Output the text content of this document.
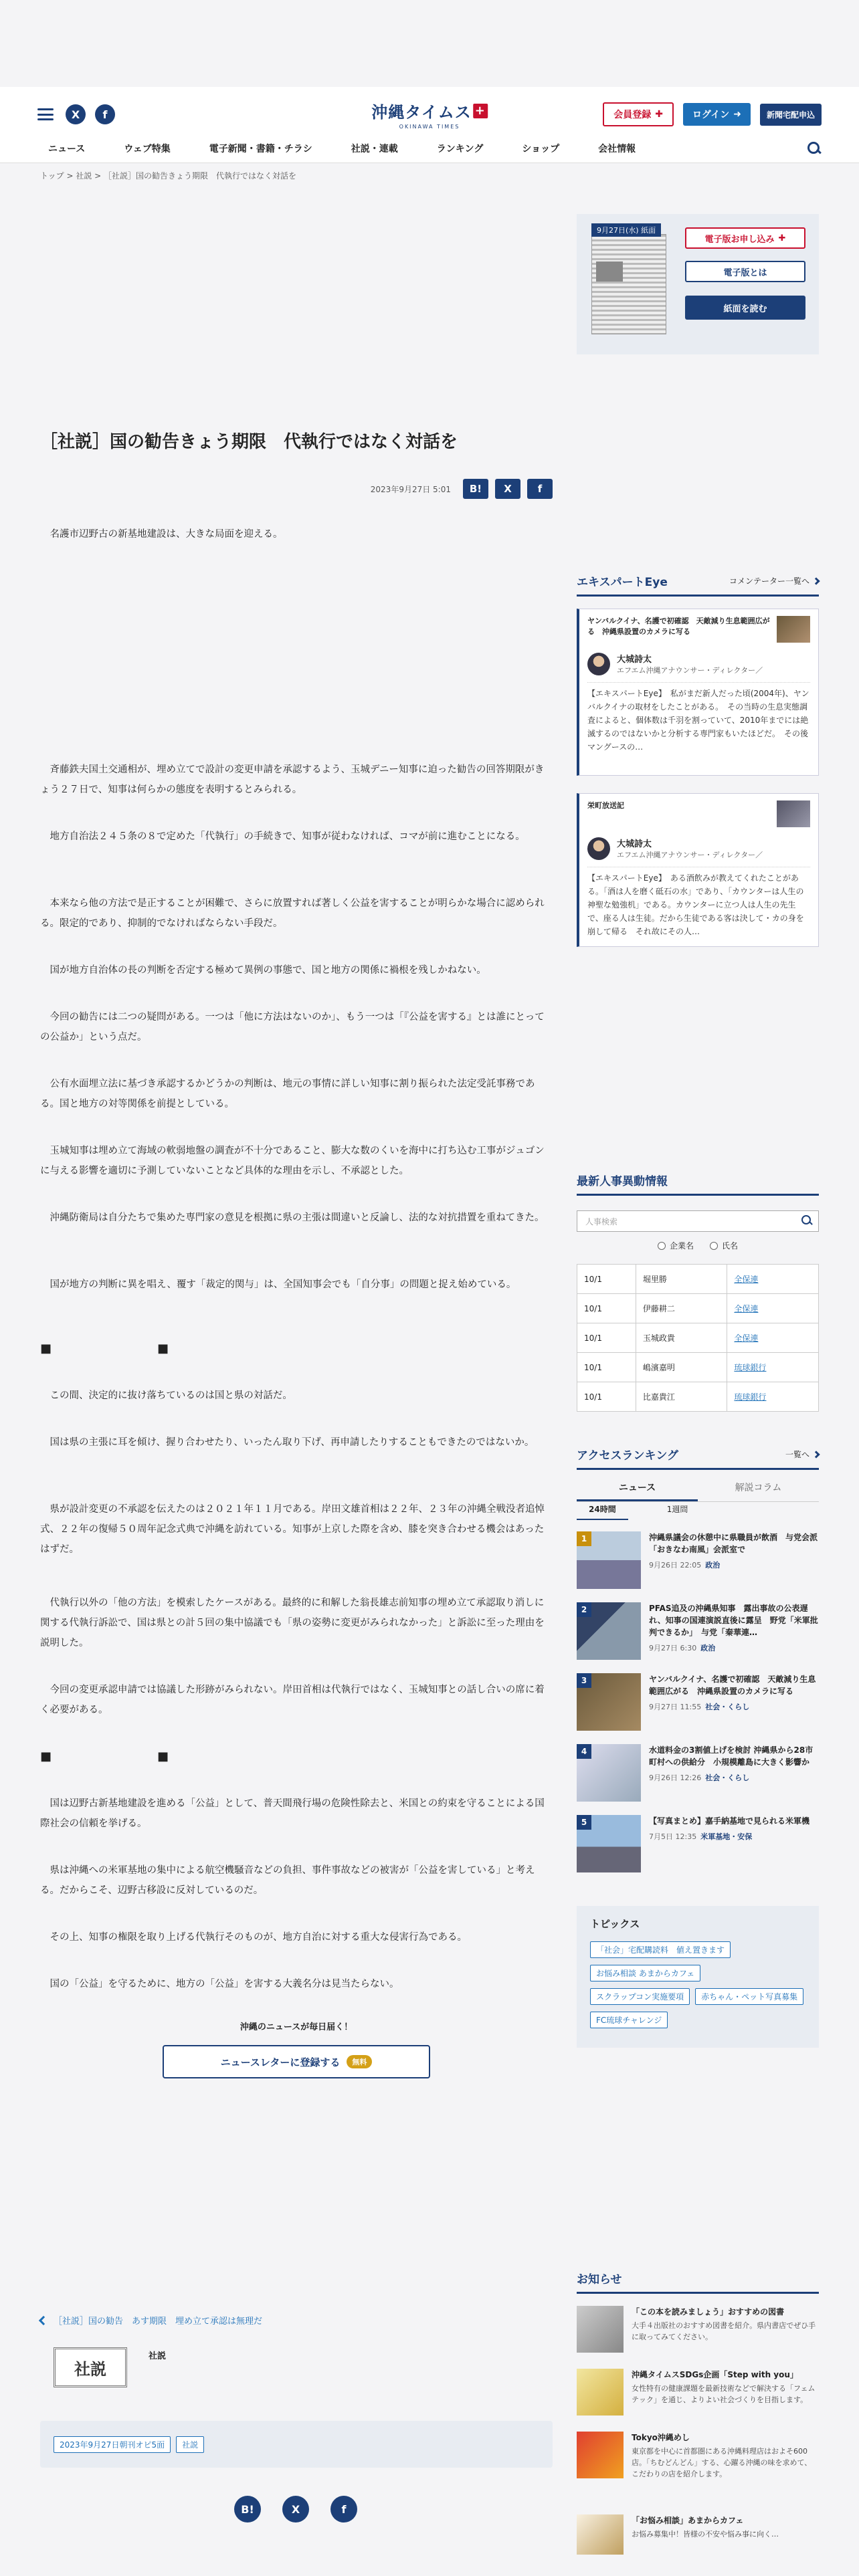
X	f	沖縄タイムス +
OKINAWA TIMES
会員登録 ✚	ログイン ➜	新聞宅配申込
ニュース	ウェブ特集	電子新聞・書籍・チラシ	社説・連載	ランキング	ショップ	会社情報
トップ > 社説 > ［社説］国の勧告きょう期限　代執行ではなく対話を
［社説］国の勧告きょう期限　代執行ではなく対話を
2023年9月27日 5:01	B!	X	f

　名護市辺野古の新基地建設は、大きな局面を迎える。

　斉藤鉄夫国土交通相が、埋め立てで設計の変更申請を承認するよう、玉城デニー知事に迫った勧告の回答期限がきょう２７日で、知事は何らかの態度を表明するとみられる。

　地方自治法２４５条の８で定めた「代執行」の手続きで、知事が従わなければ、コマが前に進むことになる。

　本来なら他の方法で是正することが困難で、さらに放置すれば著しく公益を害することが明らかな場合に認められる。限定的であり、抑制的でなければならない手段だ。

　国が地方自治体の長の判断を否定する極めて異例の事態で、国と地方の関係に禍根を残しかねない。

　今回の勧告には二つの疑問がある。一つは「他に方法はないのか」、もう一つは「『公益を害する』とは誰にとっての公益か」という点だ。

　公有水面埋立法に基づき承認するかどうかの判断は、地元の事情に詳しい知事に割り振られた法定受託事務である。国と地方の対等関係を前提としている。

　玉城知事は埋め立て海域の軟弱地盤の調査が不十分であること、膨大な数のくいを海中に打ち込む工事がジュゴンに与える影響を適切に予測していないことなど具体的な理由を示し、不承認とした。

　沖縄防衛局は自分たちで集めた専門家の意見を根拠に県の主張は間違いと反論し、法的な対抗措置を重ねてきた。

　国が地方の判断に異を唱え、覆す「裁定的関与」は、全国知事会でも「自分事」の問題と捉え始めている。

■　■

　この間、決定的に抜け落ちているのは国と県の対話だ。

　国は県の主張に耳を傾け、握り合わせたり、いったん取り下げ、再申請したりすることもできたのではないか。

　県が設計変更の不承認を伝えたのは２０２１年１１月である。岸田文雄首相は２２年、２３年の沖縄全戦没者追悼式、２２年の復帰５０周年記念式典で沖縄を訪れている。知事が上京した際を含め、膝を突き合わせる機会はあったはずだ。

　代執行以外の「他の方法」を模索したケースがある。最終的に和解した翁長雄志前知事の埋め立て承認取り消しに関する代執行訴訟で、国は県との計５回の集中協議でも「県の姿勢に変更がみられなかった」と訴訟に至った理由を説明した。

　今回の変更承認申請では協議した形跡がみられない。岸田首相は代執行ではなく、玉城知事との話し合いの席に着く必要がある。

■　■

　国は辺野古新基地建設を進める「公益」として、普天間飛行場の危険性除去と、米国との約束を守ることによる国際社会の信頼を挙げる。

　県は沖縄への米軍基地の集中による航空機騒音などの負担、事件事故などの被害が「公益を害している」と考える。だからこそ、辺野古移設に反対しているのだ。

　その上、知事の権限を取り上げる代執行そのものが、地方自治に対する重大な侵害行為である。

　国の「公益」を守るために、地方の「公益」を害する大義名分は見当たらない。

沖縄のニュースが毎日届く！
ニュースレターに登録する	無料
［社説］国の勧告　あす期限　埋め立て承認は無理だ
社説
社説
2023年9月27日朝刊オピ5面	社説
B!	X	f
9月27日(水) 紙面
電子版お申し込み ✚
電子版とは
紙面を読む
エキスパートEye	コメンテーター一覧へ
ヤンバルクイナ、名護で初確認　天敵減り生息範囲広がる　沖縄県設置のカメラに写る
大城詩太
エフエム沖縄アナウンサー・ディレクター／
【エキスパートEye】　私がまだ新人だった頃(2004年)、ヤンバルクイナの取材をしたことがある。　その当時の生息実態調査によると、個体数は千羽を割っていて、2010年までには絶滅するのではないかと分析する専門家もいたほどだ。　その後マングースの…
栄町放送記
大城詩太
エフエム沖縄アナウンサー・ディレクター／
【エキスパートEye】　ある酒飲みが教えてくれたことがある。「酒は人を磨く砥石の水」であり、「カウンターは人生の神聖な勉強机」である。カウンターに立つ人は人生の先生で、座る人は生徒。だから生徒である客は決して・カの身を崩して帰る　それ故にその人…
最新人事異動情報
人事検索
企業名	氏名
10/1	堀里勝	全保連
10/1	伊藤耕二	全保連
10/1	玉城政貴	全保連
10/1	嶋濱嘉明	琉球銀行
10/1	比嘉貴江	琉球銀行
アクセスランキング	一覧へ
ニュース	解説コラム
24時間	1週間
1	沖縄県議会の休憩中に県職員が飲酒　与党会派「おきなわ南風」会派室で
9月26日 22:05 政治
2	PFAS追及の沖縄県知事　露出事故の公表遅れ、知事の国連演説直後に露呈　野党「米軍批判できるか」　与党「秦華連…
9月27日 6:30 政治
3	ヤンバルクイナ、名護で初確認　天敵減り生息範囲広がる　沖縄県設置のカメラに写る
9月27日 11:55 社会・くらし
4	水道料金の3割値上げを検討 沖縄県から28市町村への供給分　小規模離島に大きく影響か
9月26日 12:26 社会・くらし
5	【写真まとめ】嘉手納基地で見られる米軍機
7月5日 12:35 米軍基地・安保
トピックス
「社会」宅配購読料　値え置きます
お悩み相談 あまからカフェ
スクラップコン実施要項	赤ちゃん・ペット写真募集
FC琉球チャレンジ
お知らせ
「この本を読みましょう」おすすめの図書
大手４出版社のおすすめ図書を紹介。県内書店でぜひ手に取ってみてください。
沖縄タイムスSDGs企画「Step with you」
女性特有の健康課題を最新技術などで解決する「フェムテック」を通じ、よりよい社会づくりを目指します。
Tokyo沖縄めし
東京都を中心に首都圏にある沖縄料理店はおよそ600店。「ちむどんどん」する、心躍る沖縄の味を求めて、こだわりの店を紹介します。
「お悩み相談」あまからカフェ
お悩み募集中！皆様の不安や悩み事に向く…
